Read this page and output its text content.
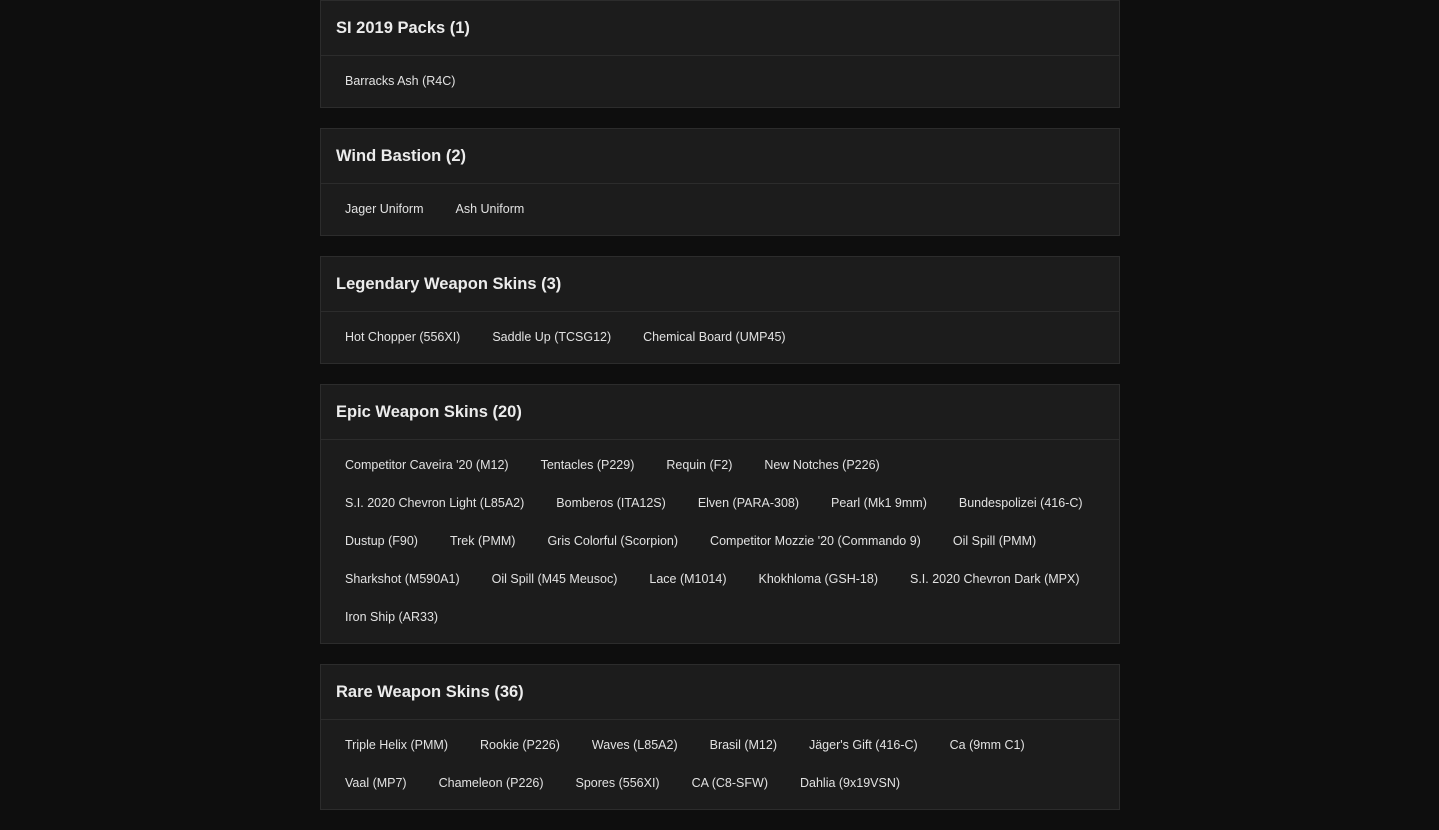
SI 2019 Packs (1)
Barracks Ash (R4C)
Wind Bastion (2)
Jager Uniform	Ash Uniform
Legendary Weapon Skins (3)
Hot Chopper (556XI)	Saddle Up (TCSG12)	Chemical Board (UMP45)
Epic Weapon Skins (20)
Competitor Caveira '20 (M12)	Tentacles (P229)	Requin (F2)	New Notches (P226)
S.I. 2020 Chevron Light (L85A2)	Bomberos (ITA12S)	Elven (PARA-308)	Pearl (Mk1 9mm)	Bundespolizei (416-C)
Dustup (F90)	Trek (PMM)	Gris Colorful (Scorpion)	Competitor Mozzie '20 (Commando 9)	Oil Spill (PMM)
Sharkshot (M590A1)	Oil Spill (M45 Meusoc)	Lace (M1014)	Khokhloma (GSH-18)	S.I. 2020 Chevron Dark (MPX)
Iron Ship (AR33)
Rare Weapon Skins (36)
Triple Helix (PMM)	Rookie (P226)	Waves (L85A2)	Brasil (M12)	Jäger's Gift (416-C)	Ca (9mm C1)
Vaal (MP7)	Chameleon (P226)	Spores (556XI)	CA (C8-SFW)	Dahlia (9x19VSN)
